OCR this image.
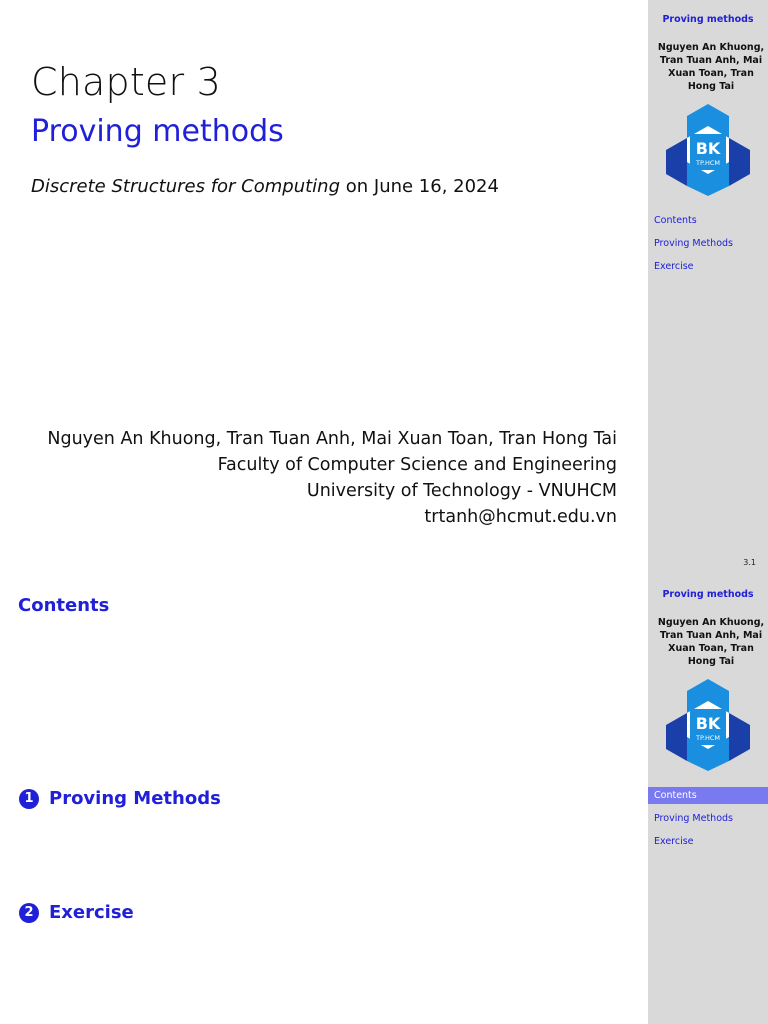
Chapter 3
Proving methods
Discrete Structures for Computing on June 16, 2024
Nguyen An Khuong, Tran Tuan Anh, Mai Xuan Toan, Tran Hong Tai
Faculty of Computer Science and Engineering
University of Technology - VNUHCM
trtanh@hcmut.edu.vn
Proving methods
Nguyen An Khuong, Tran Tuan Anh, Mai Xuan Toan, Tran Hong Tai
BK
TP.HCM
Contents
Proving Methods
Exercise
3.1
Contents
1 Proving Methods
2 Exercise
Proving methods
Nguyen An Khuong, Tran Tuan Anh, Mai Xuan Toan, Tran Hong Tai
BK
TP.HCM
Contents
Proving Methods
Exercise
